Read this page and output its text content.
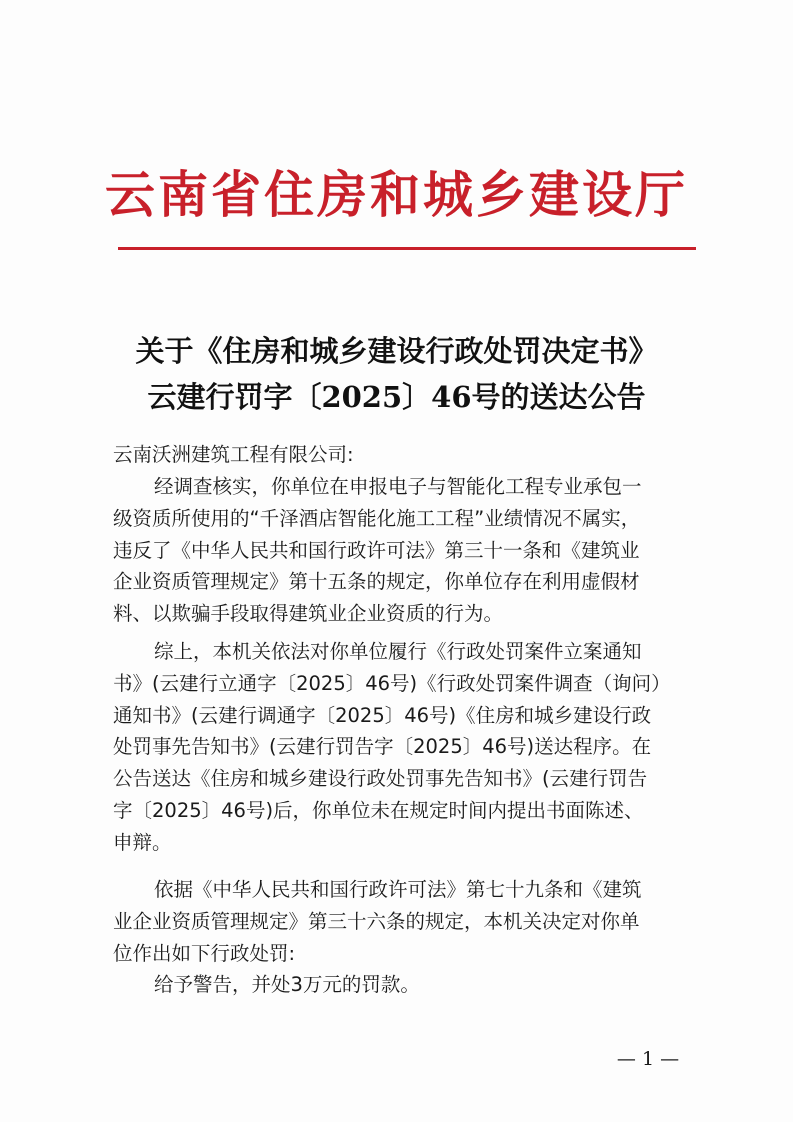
云南省住房和城乡建设厅
关于《住房和城乡建设行政处罚决定书》
云建行罚字〔2025〕46号的送达公告
云南沃洲建筑工程有限公司:
经调查核实，你单位在申报电子与智能化工程专业承包一
级资质所使用的“千泽酒店智能化施工工程”业绩情况不属实，
违反了《中华人民共和国行政许可法》第三十一条和《建筑业
企业资质管理规定》第十五条的规定，你单位存在利用虚假材
料、以欺骗手段取得建筑业企业资质的行为。
综上，本机关依法对你单位履行《行政处罚案件立案通知
书》(云建行立通字〔2025〕46号)《行政处罚案件调查（询问）
通知书》(云建行调通字〔2025〕46号)《住房和城乡建设行政
处罚事先告知书》(云建行罚告字〔2025〕46号)送达程序。在
公告送达《住房和城乡建设行政处罚事先告知书》(云建行罚告
字〔2025〕46号)后，你单位未在规定时间内提出书面陈述、
申辩。
依据《中华人民共和国行政许可法》第七十九条和《建筑
业企业资质管理规定》第三十六条的规定，本机关决定对你单
位作出如下行政处罚:
给予警告，并处3万元的罚款。
— 1 —
